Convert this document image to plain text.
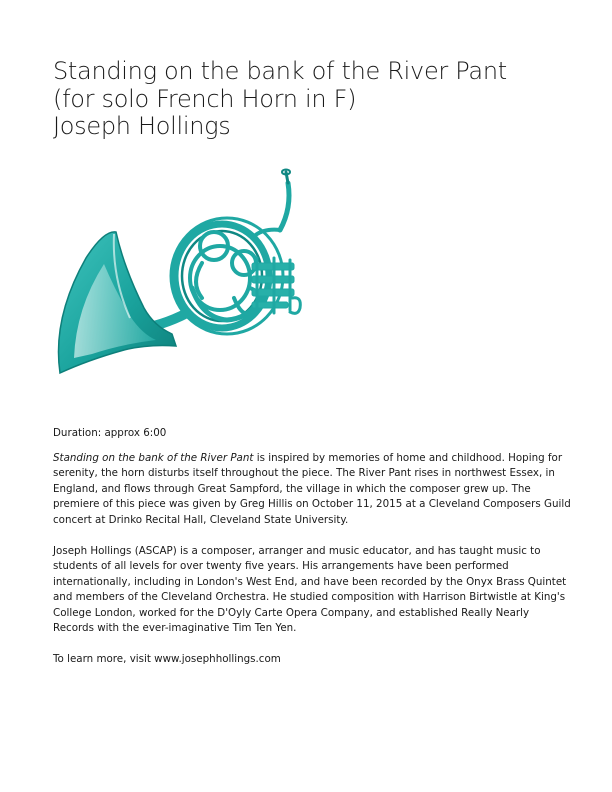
Standing on the bank of the River Pant
(for solo French Horn in F)
Joseph Hollings

Duration: approx 6:00

Standing on the bank of the River Pant is inspired by memories of home and childhood. Hoping for serenity, the horn disturbs itself throughout the piece. The River Pant rises in northwest Essex, in England, and flows through Great Sampford, the village in which the composer grew up. The premiere of this piece was given by Greg Hillis on October 11, 2015 at a Cleveland Composers Guild concert at Drinko Recital Hall, Cleveland State University.

Joseph Hollings (ASCAP) is a composer, arranger and music educator, and has taught music to students of all levels for over twenty five years. His arrangements have been performed internationally, including in London's West End, and have been recorded by the Onyx Brass Quintet and members of the Cleveland Orchestra. He studied composition with Harrison Birtwistle at King's College London, worked for the D'Oyly Carte Opera Company, and established Really Nearly Records with the ever-imaginative Tim Ten Yen.

To learn more, visit www.josephhollings.com
